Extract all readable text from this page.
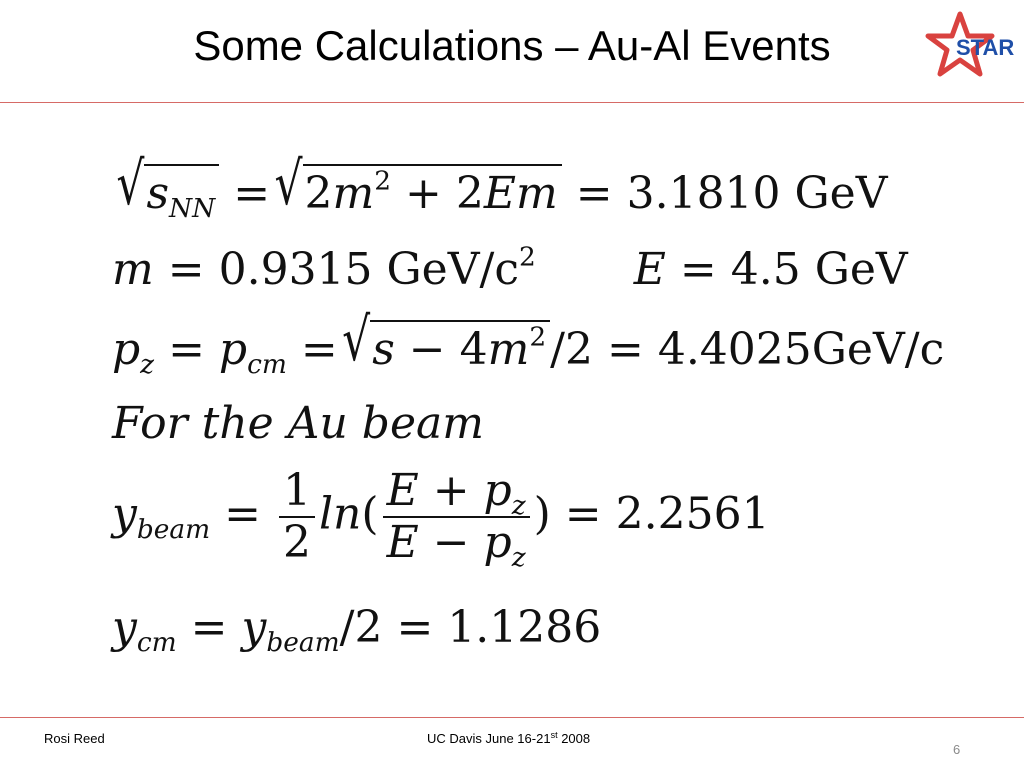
Some Calculations – Au-Al Events	STAR
$√s_{NN} =√2m^2 + 2Em = 3.1810$ GeV
m = 0.9315 GeV/$c^2$ E = 4.5 GeV
$p_z = p_{cm} =√s - 4m^2/2 = 4.4025GeV/c$
For the Au beam
$y_{beam} = \frac{1}{2} \ln( \frac{E + p_z}{E - p_z}$ ) = 2.2561
$y_{cm} = y_{beam}/2 = 1.1286$
Rosi Reed	UC Davis June 16-21st 2008
6
